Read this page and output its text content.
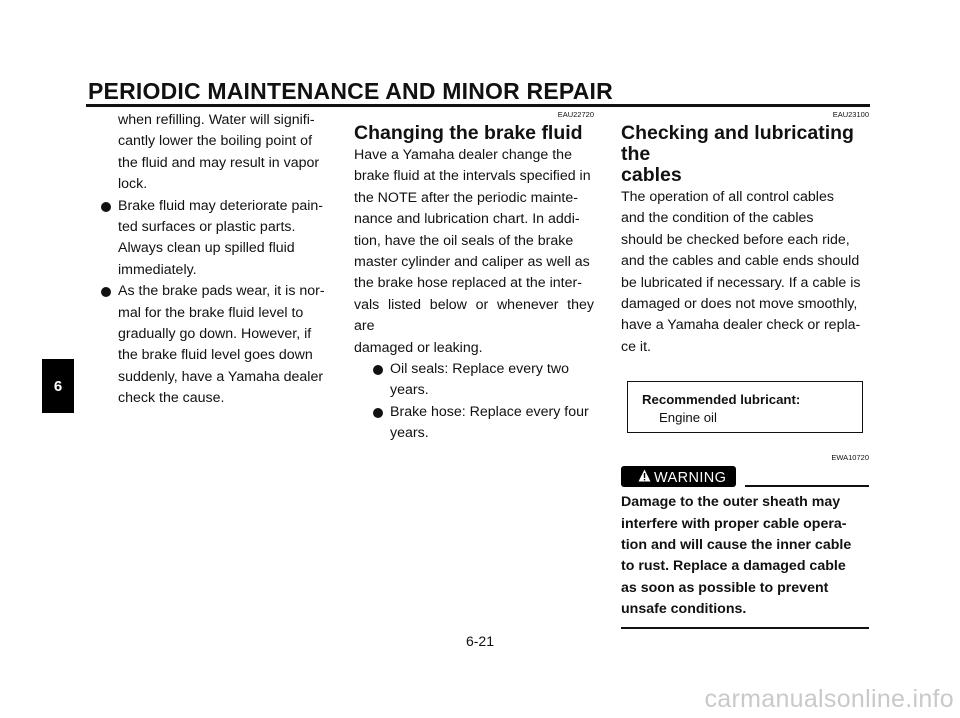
PERIODIC MAINTENANCE AND MINOR REPAIR
6

when refilling. Water will signifi-

cantly lower the boiling point of

the fluid and may result in vapor

lock.

Brake fluid may deteriorate pain-

ted surfaces or plastic parts.

Always clean up spilled fluid

immediately.

As the brake pads wear, it is nor-

mal for the brake fluid level to

gradually go down. However, if

the brake fluid level goes down

suddenly, have a Yamaha dealer

check the cause.

EAU22720
Changing the brake fluid

Have a Yamaha dealer change the

brake fluid at the intervals specified in

the NOTE after the periodic mainte-

nance and lubrication chart. In addi-

tion, have the oil seals of the brake

master cylinder and caliper as well as

the brake hose replaced at the inter-

vals listed below or whenever they are

damaged or leaking.

Oil seals: Replace every two

years.

Brake hose: Replace every four

years.

EAU23100
Checking and lubricating the
cables

The operation of all control cables

and the condition of the cables

should be checked before each ride,

and the cables and cable ends should

be lubricated if necessary. If a cable is

damaged or does not move smoothly,

have a Yamaha dealer check or repla-

ce it.

Recommended lubricant:
Engine oil
EWA10720
WARNING

Damage to the outer sheath may

interfere with proper cable opera-

tion and will cause the inner cable

to rust. Replace a damaged cable

as soon as possible to prevent

unsafe conditions.

6-21
carmanualsonline.info
